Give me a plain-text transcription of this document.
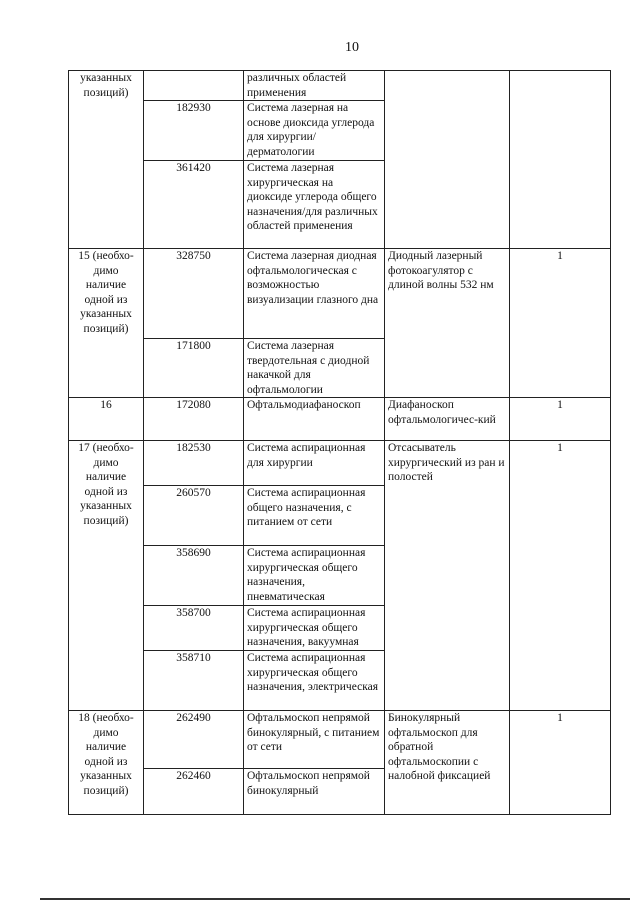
10
указанных позиций)		различных областей применения		
	182930	Система лазерная на основе диоксида углерода для хирургии/дерматологии		
	361420	Система лазерная хирургическая на диоксиде углерода общего назначения/для различных областей применения		
15 (необхо-димо наличие одной из указанных позиций)	328750	Система лазерная диодная офтальмологическая с возможностью визуализации глазного дна	Диодный лазерный фотокоагулятор с длиной волны 532 нм	1
	171800	Система лазерная твердотельная с диодной накачкой для офтальмологии		
16	172080	Офтальмодиафаноскоп	Диафаноскоп офтальмологичес-кий	1
17 (необхо-димо наличие одной из указанных позиций)	182530	Система аспирационная для хирургии	Отсасыватель хирургический из ран и полостей	1
	260570	Система аспирационная общего назначения, с питанием от сети		
	358690	Система аспирационная хирургическая общего назначения, пневматическая		
	358700	Система аспирационная хирургическая общего назначения, вакуумная		
	358710	Система аспирационная хирургическая общего назначения, электрическая		
18 (необхо-димо наличие одной из указанных позиций)	262490	Офтальмоскоп непрямой бинокулярный, с питанием от сети	Бинокулярный офтальмоскоп для обратной офтальмоскопии с налобной фиксацией	1
	262460	Офтальмоскоп непрямой бинокулярный		
